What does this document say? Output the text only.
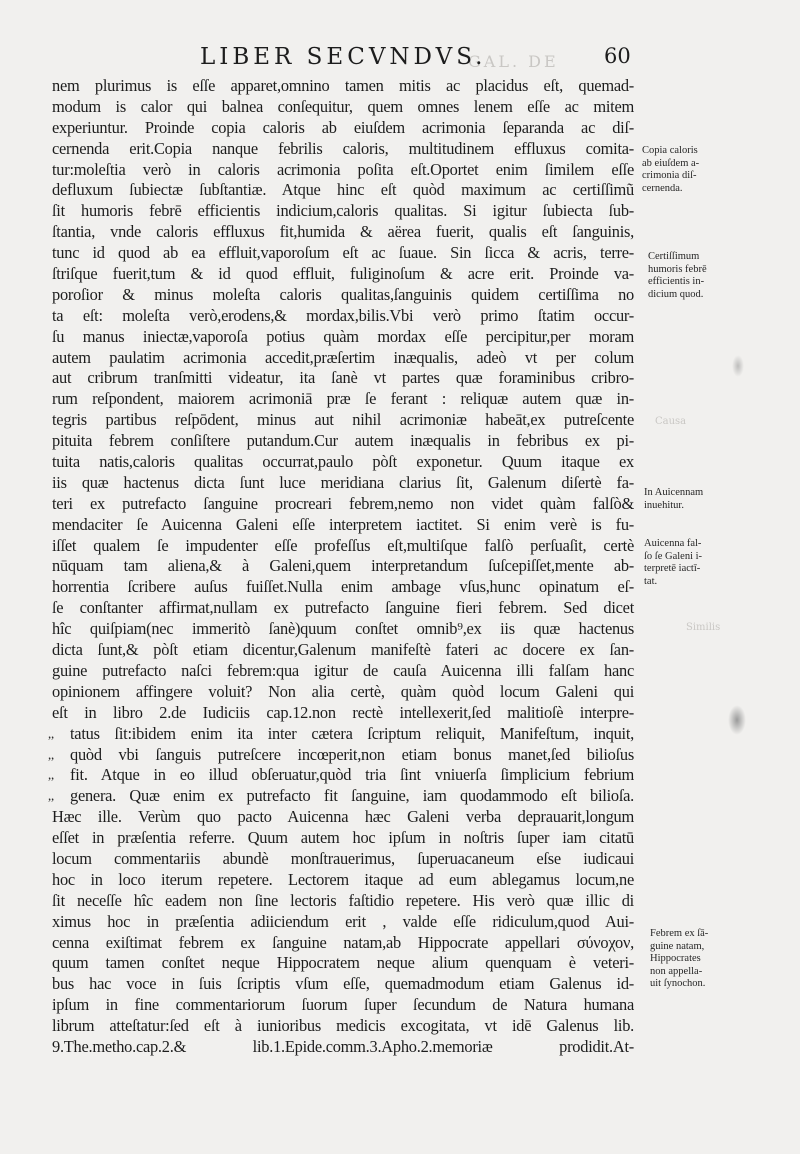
GAL. DE
Causa
Similis
LIBER SECVNDVS.	60
nem plurimus is eſſe apparet,omnino tamen mitis ac placidus eſt, quemad-
modum is calor qui balnea conſequitur, quem omnes lenem eſſe ac mitem
experiuntur. Proinde copia caloris ab eiuſdem acrimonia ſeparanda ac diſ-
cernenda erit.Copia nanque febrilis caloris, multitudinem effluxus comita-
tur:moleſtia verò in caloris acrimonia poſita eſt.Oportet enim ſimilem eſſe
defluxum ſubiectæ ſubſtantiæ. Atque hinc eſt quòd maximum ac certiſſimũ
ſit humoris febrē efficientis indicium,caloris qualitas. Si igitur ſubiecta ſub-
ſtantia, vnde caloris effluxus fit,humida & aërea fuerit, qualis eſt ſanguinis,
tunc id quod ab ea effluit,vaporoſum eſt ac ſuaue. Sin ſicca & acris, terre-
ſtriſque fuerit,tum & id quod effluit, fuliginoſum & acre erit. Proinde va-
poroſior & minus moleſta caloris qualitas,ſanguinis quidem certiſſima no
ta eſt: moleſta verò,erodens,& mordax,bilis.Vbi verò primo ſtatim occur-
ſu manus iniectæ,vaporoſa potius quàm mordax eſſe percipitur,per moram
autem paulatim acrimonia accedit,præſertim inæqualis, adeò vt per colum
aut cribrum tranſmitti videatur, ita ſanè vt partes quæ foraminibus cribro-
rum reſpondent, maiorem acrimoniā præ ſe ferant : reliquæ autem quæ in-
tegris partibus reſpōdent, minus aut nihil acrimoniæ habeāt,ex putreſcente
pituita febrem conſiſtere putandum.Cur autem inæqualis in febribus ex pi-
tuita natis,caloris qualitas occurrat,paulo pòſt exponetur. Quum itaque ex
iis quæ hactenus dicta ſunt luce meridiana clarius ſit, Galenum diſertè fa-
teri ex putrefacto ſanguine procreari febrem,nemo non videt quàm falſò&
mendaciter ſe Auicenna Galeni eſſe interpretem iactitet. Si enim verè is fu-
iſſet qualem ſe impudenter eſſe profeſſus eſt,multiſque falſò perſuaſit, certè
nūquam tam aliena,& à Galeni,quem interpretandum ſuſcepiſſet,mente ab-
horrentia ſcribere auſus fuiſſet.Nulla enim ambage vſus,hunc opinatum eſ-
ſe conſtanter affirmat,nullam ex putrefacto ſanguine fieri febrem. Sed dicet
hîc quiſpiam(nec immeritò ſanè)quum conſtet omnib⁹,ex iis quæ hactenus
dicta ſunt,& pòſt etiam dicentur,Galenum manifeſtè fateri ac docere ex ſan-
guine putrefacto naſci febrem:qua igitur de cauſa Auicenna illi falſam hanc
opinionem affingere voluit? Non alia certè, quàm quòd locum Galeni qui
eſt in libro 2.de Iudiciis cap.12.non rectè intellexerit,ſed malitioſè interpre-
,, tatus ſit:ibidem enim ita inter cætera ſcriptum reliquit, Manifeſtum, inquit,
,, quòd vbi ſanguis putreſcere incœperit,non etiam bonus manet,ſed bilioſus
,, fit. Atque in eo illud obſeruatur,quòd tria ſint vniuerſa ſimplicium febrium
,, genera. Quæ enim ex putrefacto fit ſanguine, iam quodammodo eſt bilioſa.
Hæc ille. Verùm quo pacto Auicenna hæc Galeni verba deprauarit,longum
eſſet in præſentia referre. Quum autem hoc ipſum in noſtris ſuper iam citatū
locum commentariis abundè monſtrauerimus, ſuperuacaneum eſse iudicaui
hoc in loco iterum repetere. Lectorem itaque ad eum ablegamus locum,ne
ſit neceſſe hîc eadem non ſine lectoris faſtidio repetere. His verò quæ illic di
ximus hoc in præſentia adiiciendum erit , valde eſſe ridiculum,quod Aui-
cenna exiſtimat febrem ex ſanguine natam,ab Hippocrate appellari σύνοχον,
quum tamen conſtet neque Hippocratem neque alium quenquam è veteri-
bus hac voce in ſuis ſcriptis vſum eſſe, quemadmodum etiam Galenus id-
ipſum in fine commentariorum ſuorum ſuper ſecundum de Natura humana
librum atteſtatur:ſed eſt à iunioribus medicis excogitata, vt idē Galenus lib.
9.The.metho.cap.2.& lib.1.Epide.comm.3.Apho.2.memoriæ prodidit.At-
Copia caloris
ab eiuſdem a-
crimonia diſ-
cernenda.
Certiſſimum
humoris febrē
efficientis in-
dicium quod.
In Auicennam
inuehitur.
Auicenna fal-
ſo ſe Galeni i-
terpretē iactī-
tat.
Febrem ex ſā-
guine natam,
Hippocrates
non appella-
uit ſynochon.
